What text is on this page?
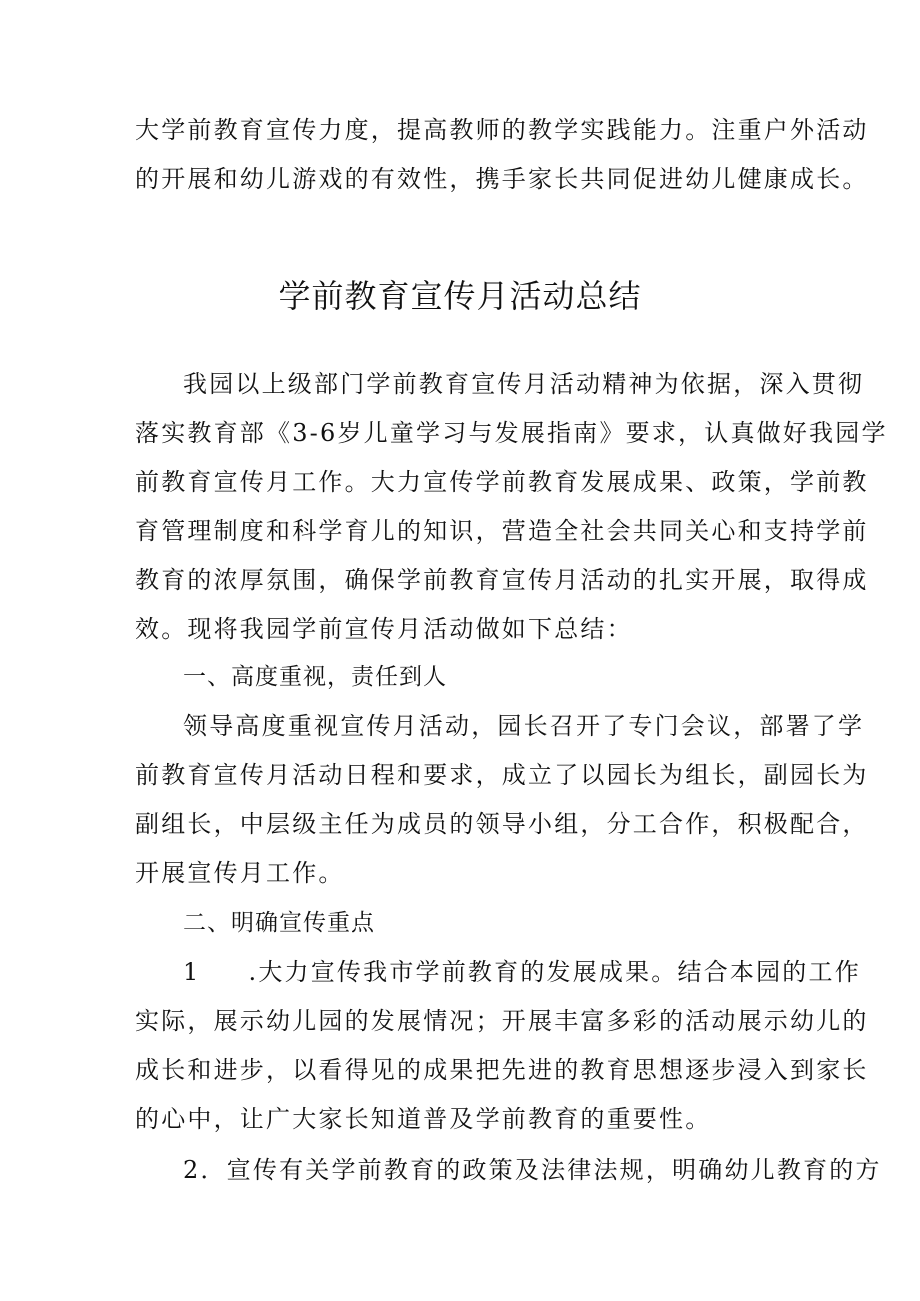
大学前教育宣传力度，提高教师的教学实践能力。注重户外活动
的开展和幼儿游戏的有效性，携手家长共同促进幼儿健康成长。
学前教育宣传月活动总结
我园以上级部门学前教育宣传月活动精神为依据，深入贯彻
落实教育部《3-6岁儿童学习与发展指南》要求，认真做好我园学
前教育宣传月工作。大力宣传学前教育发展成果、政策，学前教
育管理制度和科学育儿的知识，营造全社会共同关心和支持学前
教育的浓厚氛围，确保学前教育宣传月活动的扎实开展，取得成
效。现将我园学前宣传月活动做如下总结：
一、高度重视，责任到人
领导高度重视宣传月活动，园长召开了专门会议，部署了学
前教育宣传月活动日程和要求，成立了以园长为组长，副园长为
副组长，中层级主任为成员的领导小组，分工合作，积极配合，
开展宣传月工作。
二、明确宣传重点
1 .大力宣传我市学前教育的发展成果。结合本园的工作
实际，展示幼儿园的发展情况；开展丰富多彩的活动展示幼儿的
成长和进步，以看得见的成果把先进的教育思想逐步浸入到家长
的心中，让广大家长知道普及学前教育的重要性。
2．宣传有关学前教育的政策及法律法规，明确幼儿教育的方
